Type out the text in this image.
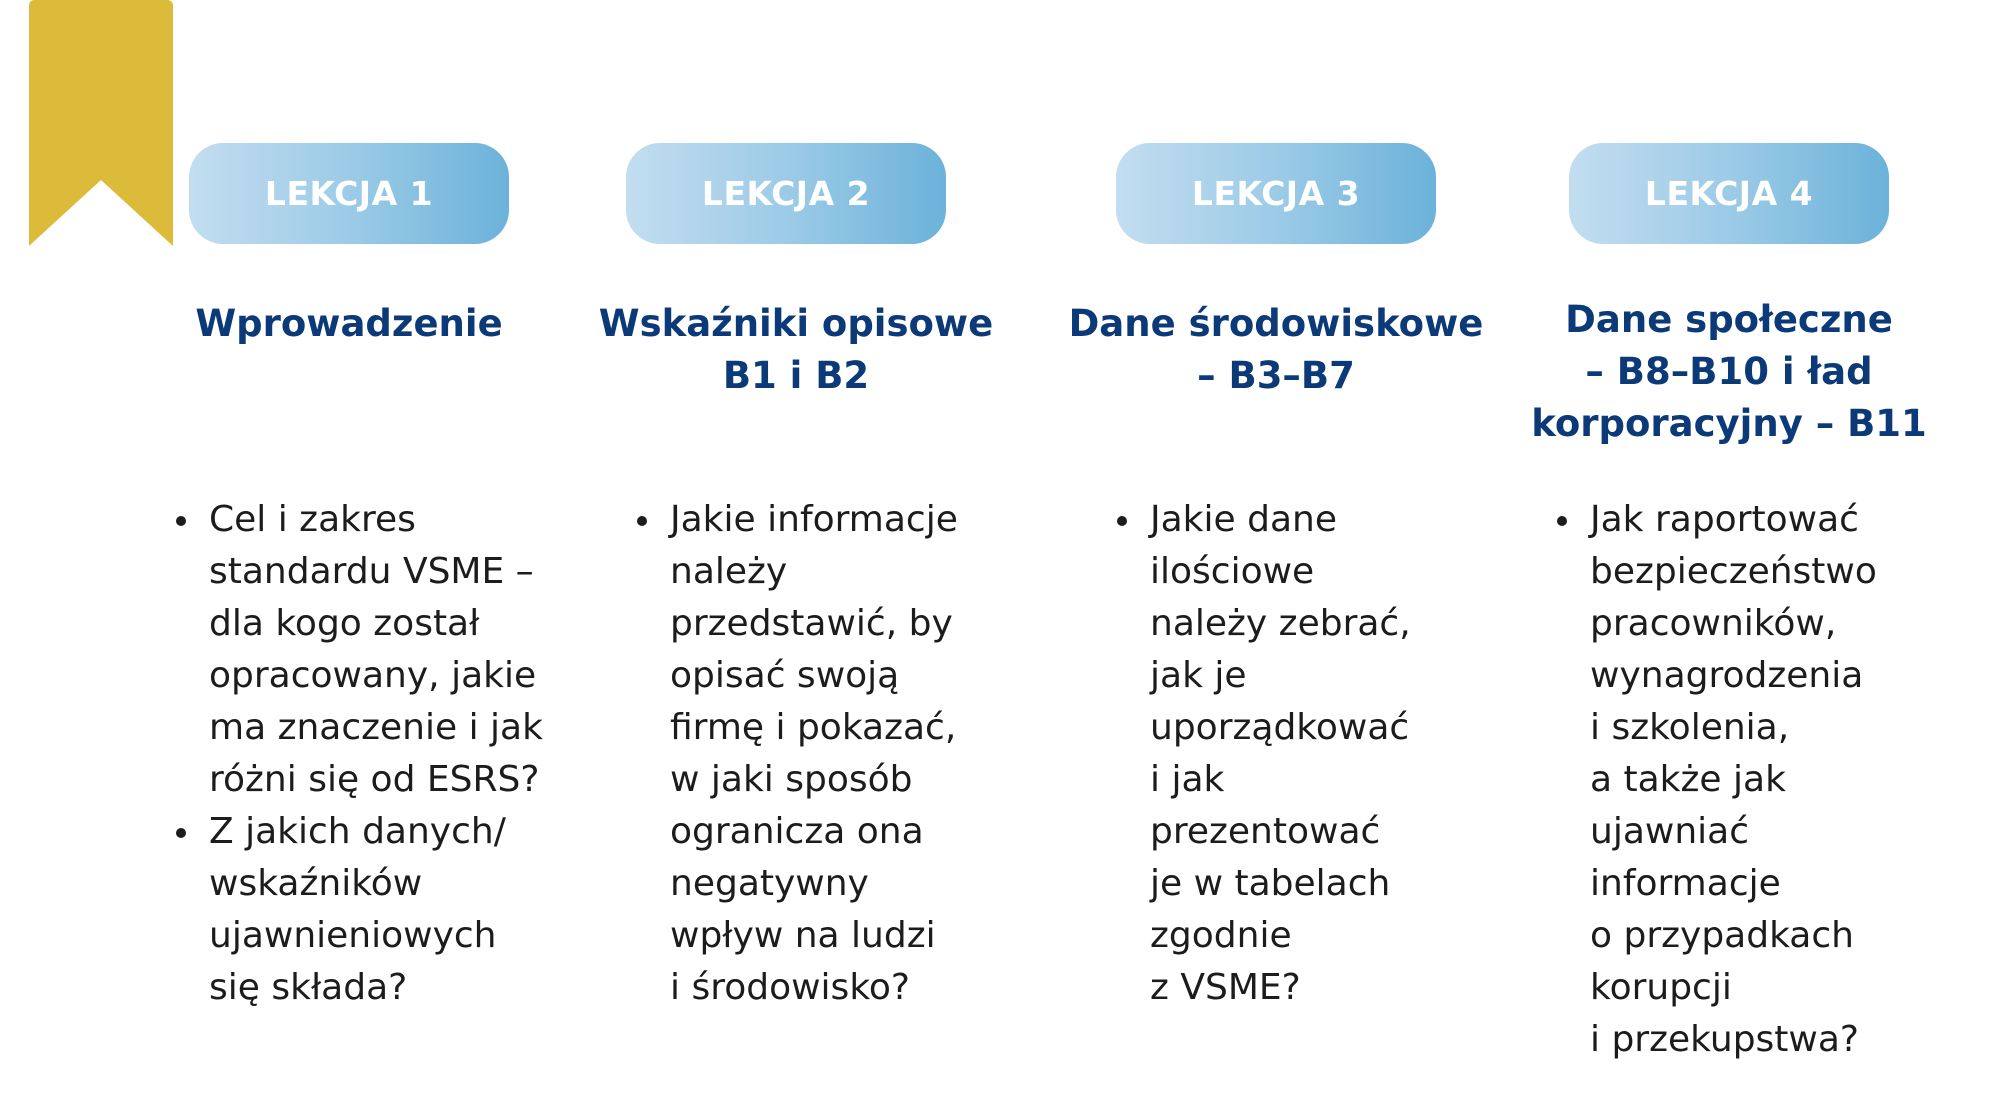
LEKCJA 1
Wprowadzenie
Cel i zakres
standardu VSME –
dla kogo został
opracowany, jakie
ma znaczenie i jak
różni się od ESRS?
Z jakich danych/
wskaźników
ujawnieniowych
się składa?
LEKCJA 2
Wskaźniki opisowe
B1 i B2
Jakie informacje
należy
przedstawić, by
opisać swoją
firmę i pokazać,
w jaki sposób
ogranicza ona
negatywny
wpływ na ludzi
i środowisko?
LEKCJA 3
Dane środowiskowe
– B3–B7
Jakie dane
ilościowe
należy zebrać,
jak je
uporządkować
i jak
prezentować
je w tabelach
zgodnie
z VSME?
LEKCJA 4
Dane społeczne
– B8–B10 i ład
korporacyjny – B11
Jak raportować
bezpieczeństwo
pracowników,
wynagrodzenia
i szkolenia,
a także jak
ujawniać
informacje
o przypadkach
korupcji
i przekupstwa?
